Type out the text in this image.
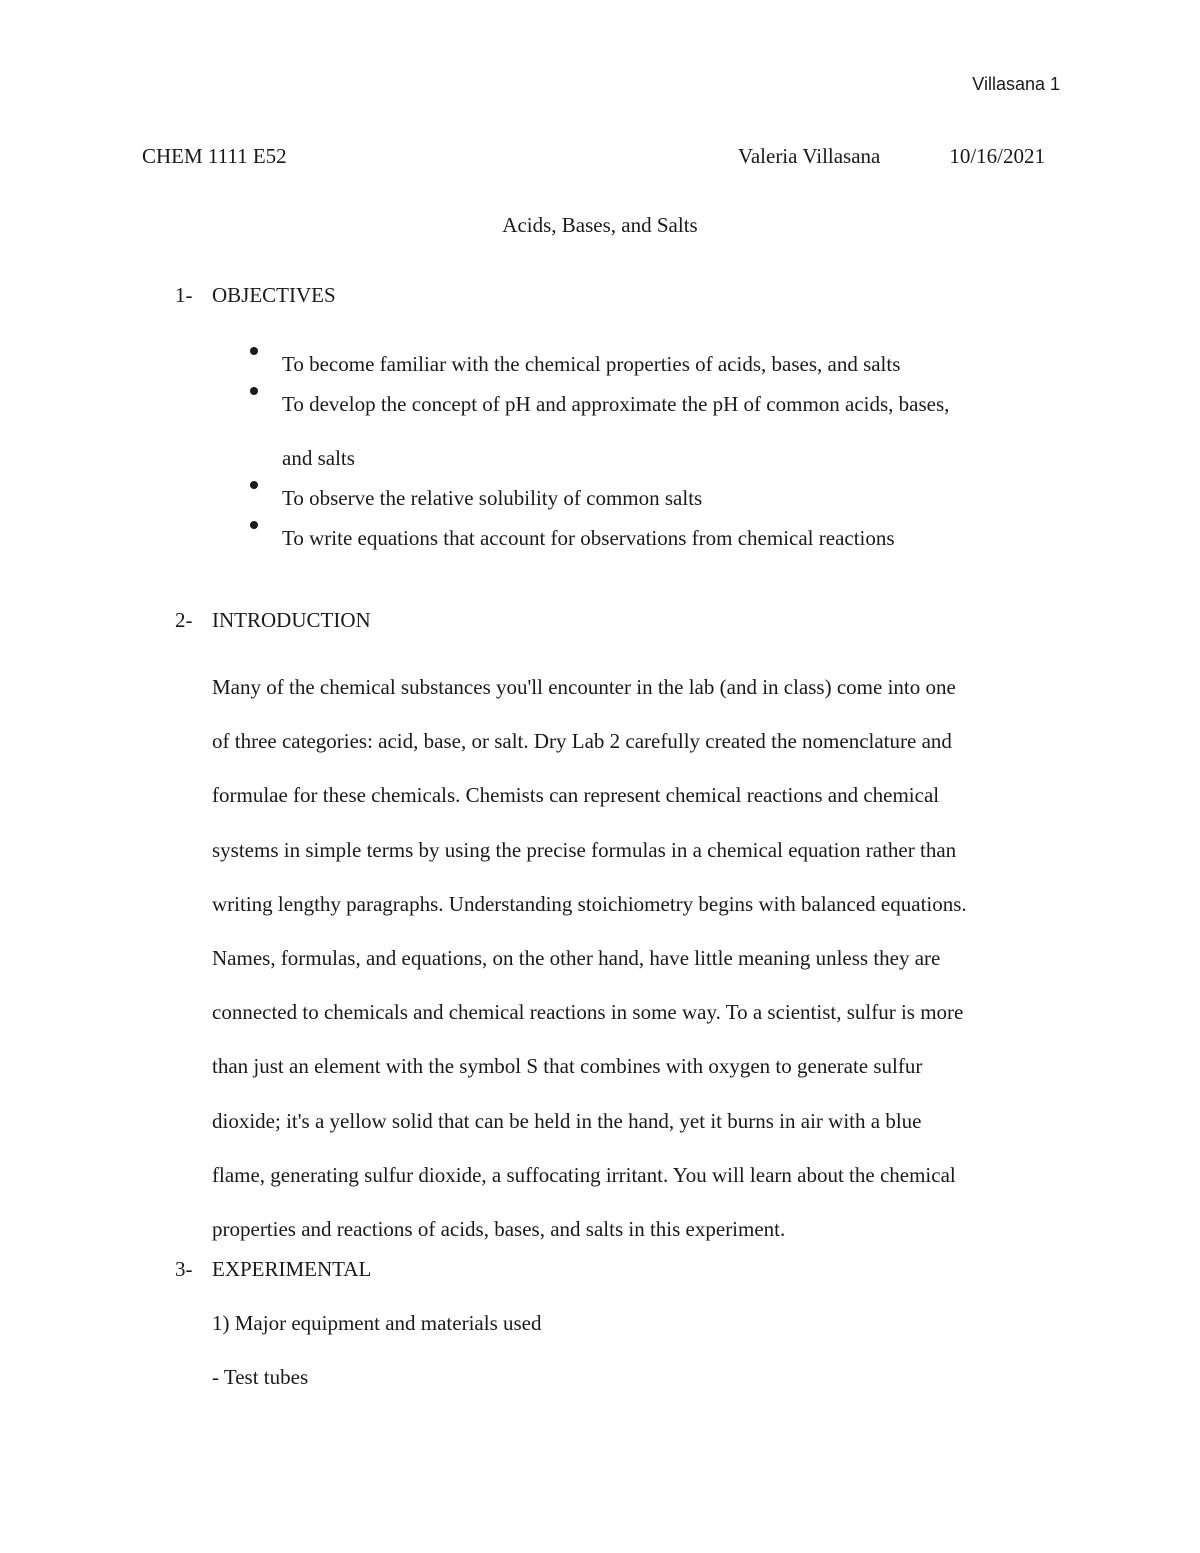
Villasana 1
CHEM 1111 E52	Valeria Villasana	10/16/2021
Acids, Bases, and Salts
1- OBJECTIVES
To become familiar with the chemical properties of acids, bases, and salts
To develop the concept of pH and approximate the pH of common acids, bases,
and salts
To observe the relative solubility of common salts
To write equations that account for observations from chemical reactions
2- INTRODUCTION

Many of the chemical substances you'll encounter in the lab (and in class) come into one
of three categories: acid, base, or salt. Dry Lab 2 carefully created the nomenclature and
formulae for these chemicals. Chemists can represent chemical reactions and chemical
systems in simple terms by using the precise formulas in a chemical equation rather than
writing lengthy paragraphs. Understanding stoichiometry begins with balanced equations.
Names, formulas, and equations, on the other hand, have little meaning unless they are
connected to chemicals and chemical reactions in some way. To a scientist, sulfur is more
than just an element with the symbol S that combines with oxygen to generate sulfur
dioxide; it's a yellow solid that can be held in the hand, yet it burns in air with a blue
flame, generating sulfur dioxide, a suffocating irritant. You will learn about the chemical
properties and reactions of acids, bases, and salts in this experiment.

3- EXPERIMENTAL
1) Major equipment and materials used
- Test tubes
